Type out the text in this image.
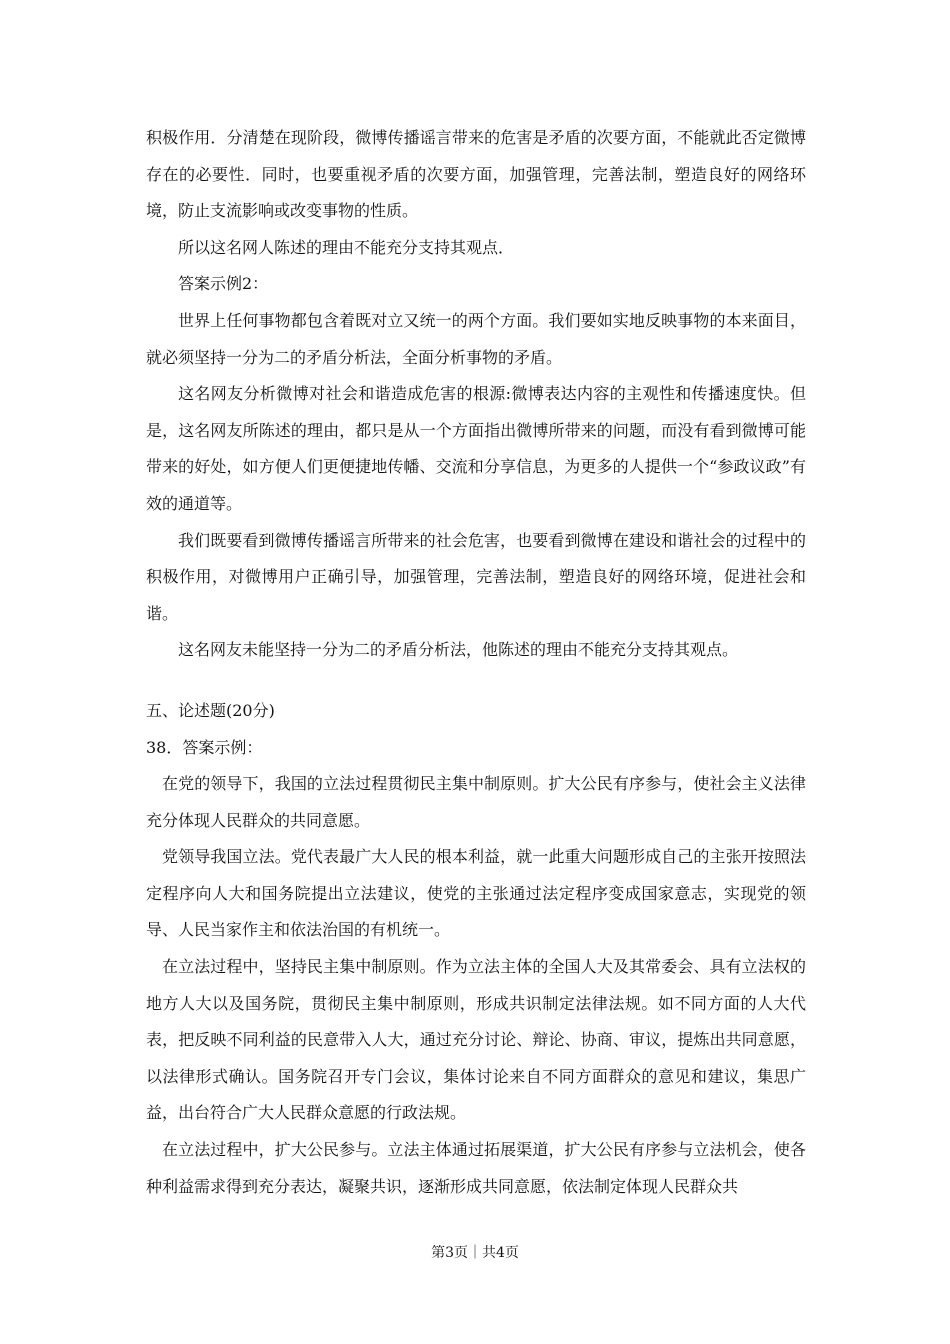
积极作用．分清楚在现阶段，微博传播谣言带来的危害是矛盾的次要方面，不能就此否定微博存在的必要性．同时，也要重视矛盾的次要方面，加强管理，完善法制，塑造良好的网络环境，防止支流影响或改变事物的性质。

所以这名网人陈述的理由不能充分支持其观点．

答案示例2：

世界上任何事物都包含着既对立又统一的两个方面。我们要如实地反映事物的本来面目，就必须坚持一分为二的矛盾分析法，全面分析事物的矛盾。

这名网友分析微博对社会和谐造成危害的根源:微博表达内容的主观性和传播速度快。但是，这名网友所陈述的理由，都只是从一个方面指出微博所带来的问题，而没有看到微博可能带来的好处，如方便人们更便捷地传幡、交流和分享信息，为更多的人提供一个“参政议政”有效的通道等。

我们既要看到微博传播谣言所带来的社会危害，也要看到微博在建设和谐社会的过程中的积极作用，对微博用户正确引导，加强管理，完善法制，塑造良好的网络环境，促进社会和谐。

这名网友未能坚持一分为二的矛盾分析法，他陈述的理由不能充分支持其观点。

五、论述题(20分)

38．答案示例：

在党的领导下，我国的立法过程贯彻民主集中制原则。扩大公民有序参与，使社会主义法律充分体现人民群众的共同意愿。

党领导我国立法。党代表最广大人民的根本利益，就一此重大问题形成自己的主张开按照法定程序向人大和国务院提出立法建议，使党的主张通过法定程序变成国家意志，实现党的领导、人民当家作主和依法治国的有机统一。

在立法过程中，坚持民主集中制原则。作为立法主体的全国人大及其常委会、具有立法权的地方人大以及国务院，贯彻民主集中制原则，形成共识制定法律法规。如不同方面的人大代表，把反映不同利益的民意带入人大，通过充分讨论、辩论、协商、审议，提炼出共同意愿，以法律形式确认。国务院召开专门会议，集体讨论来自不同方面群众的意见和建议，集思广益，出台符合广大人民群众意愿的行政法规。

在立法过程中，扩大公民参与。立法主体通过拓展渠道，扩大公民有序参与立法机会，使各种利益需求得到充分表达，凝聚共识，逐渐形成共同意愿，依法制定体现人民群众共

第3页｜共4页
